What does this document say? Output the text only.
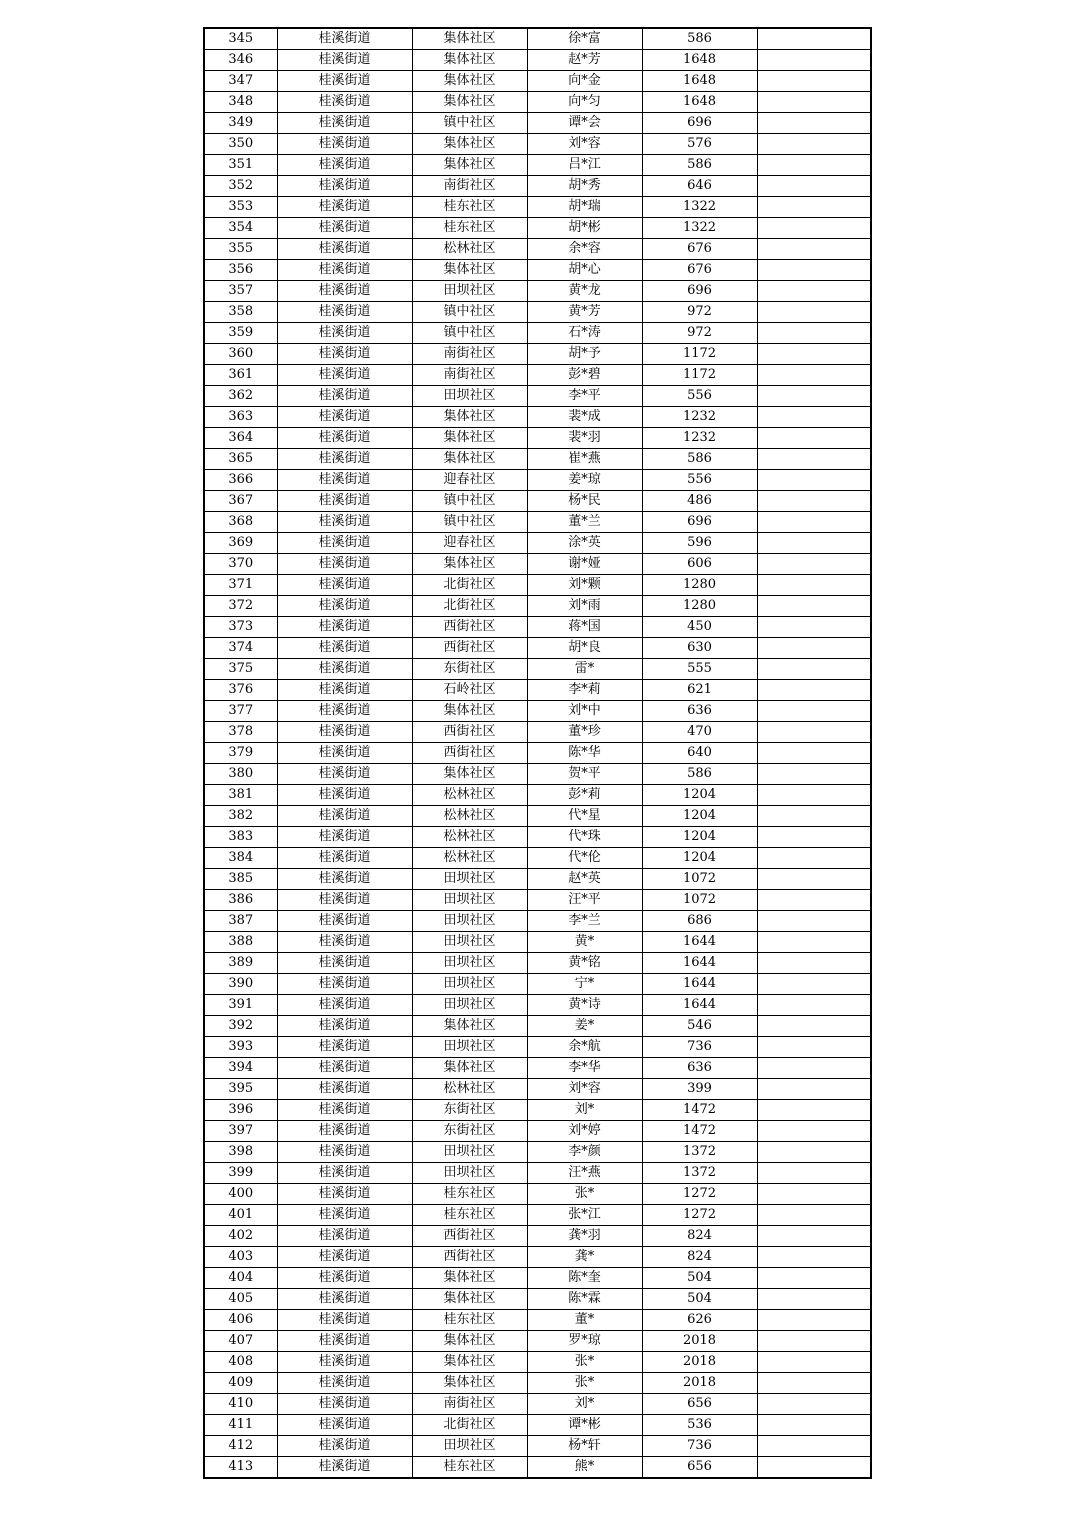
345	桂溪街道	集体社区	徐*富	586	
346	桂溪街道	集体社区	赵*芳	1648	
347	桂溪街道	集体社区	向*金	1648	
348	桂溪街道	集体社区	向*匀	1648	
349	桂溪街道	镇中社区	谭*会	696	
350	桂溪街道	集体社区	刘*容	576	
351	桂溪街道	集体社区	吕*江	586	
352	桂溪街道	南街社区	胡*秀	646	
353	桂溪街道	桂东社区	胡*瑞	1322	
354	桂溪街道	桂东社区	胡*彬	1322	
355	桂溪街道	松林社区	余*容	676	
356	桂溪街道	集体社区	胡*心	676	
357	桂溪街道	田坝社区	黄*龙	696	
358	桂溪街道	镇中社区	黄*芳	972	
359	桂溪街道	镇中社区	石*涛	972	
360	桂溪街道	南街社区	胡*予	1172	
361	桂溪街道	南街社区	彭*碧	1172	
362	桂溪街道	田坝社区	李*平	556	
363	桂溪街道	集体社区	裴*成	1232	
364	桂溪街道	集体社区	裴*羽	1232	
365	桂溪街道	集体社区	崔*燕	586	
366	桂溪街道	迎春社区	姜*琼	556	
367	桂溪街道	镇中社区	杨*民	486	
368	桂溪街道	镇中社区	董*兰	696	
369	桂溪街道	迎春社区	涂*英	596	
370	桂溪街道	集体社区	谢*娅	606	
371	桂溪街道	北街社区	刘*颗	1280	
372	桂溪街道	北街社区	刘*雨	1280	
373	桂溪街道	西街社区	蒋*国	450	
374	桂溪街道	西街社区	胡*良	630	
375	桂溪街道	东街社区	雷*	555	
376	桂溪街道	石岭社区	李*莉	621	
377	桂溪街道	集体社区	刘*中	636	
378	桂溪街道	西街社区	董*珍	470	
379	桂溪街道	西街社区	陈*华	640	
380	桂溪街道	集体社区	贺*平	586	
381	桂溪街道	松林社区	彭*莉	1204	
382	桂溪街道	松林社区	代*星	1204	
383	桂溪街道	松林社区	代*珠	1204	
384	桂溪街道	松林社区	代*伦	1204	
385	桂溪街道	田坝社区	赵*英	1072	
386	桂溪街道	田坝社区	汪*平	1072	
387	桂溪街道	田坝社区	李*兰	686	
388	桂溪街道	田坝社区	黄*	1644	
389	桂溪街道	田坝社区	黄*铭	1644	
390	桂溪街道	田坝社区	宁*	1644	
391	桂溪街道	田坝社区	黄*诗	1644	
392	桂溪街道	集体社区	姜*	546	
393	桂溪街道	田坝社区	余*航	736	
394	桂溪街道	集体社区	李*华	636	
395	桂溪街道	松林社区	刘*容	399	
396	桂溪街道	东街社区	刘*	1472	
397	桂溪街道	东街社区	刘*婷	1472	
398	桂溪街道	田坝社区	李*颜	1372	
399	桂溪街道	田坝社区	汪*燕	1372	
400	桂溪街道	桂东社区	张*	1272	
401	桂溪街道	桂东社区	张*江	1272	
402	桂溪街道	西街社区	龚*羽	824	
403	桂溪街道	西街社区	龚*	824	
404	桂溪街道	集体社区	陈*奎	504	
405	桂溪街道	集体社区	陈*霖	504	
406	桂溪街道	桂东社区	董*	626	
407	桂溪街道	集体社区	罗*琼	2018	
408	桂溪街道	集体社区	张*	2018	
409	桂溪街道	集体社区	张*	2018	
410	桂溪街道	南街社区	刘*	656	
411	桂溪街道	北街社区	谭*彬	536	
412	桂溪街道	田坝社区	杨*轩	736	
413	桂溪街道	桂东社区	熊*	656	
